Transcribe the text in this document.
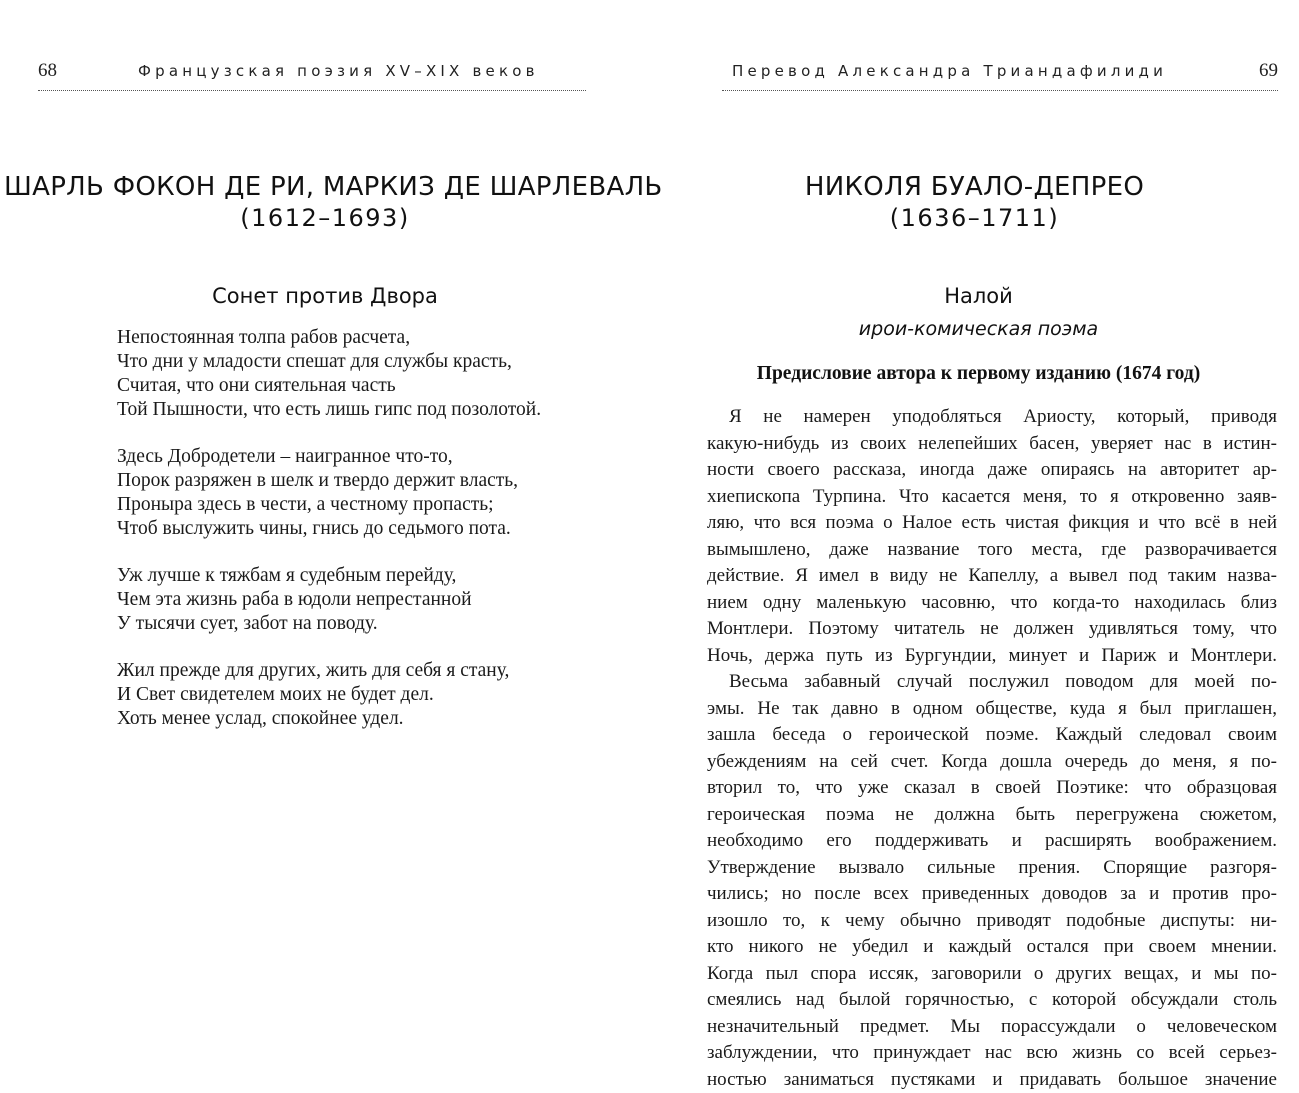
68	Французская поэзия XV–XIX веков
ШАРЛЬ ФОКОН ДЕ РИ, МАРКИЗ ДЕ ШАРЛЕВАЛЬ
(1612–1693)
Сонет против Двора
Непостоянная толпа рабов расчета,
Что дни у младости спешат для службы красть,
Считая, что они сиятельная часть
Той Пышности, что есть лишь гипс под позолотой.
Здесь Добродетели – наигранное что-то,
Порок разряжен в шелк и твердо держит власть,
Проныра здесь в чести, а честному пропасть;
Чтоб выслужить чины, гнись до седьмого пота.
Уж лучше к тяжбам я судебным перейду,
Чем эта жизнь раба в юдоли непрестанной
У тысячи сует, забот на поводу.
Жил прежде для других, жить для себя я стану,
И Свет свидетелем моих не будет дел.
Хоть менее услад, спокойнее удел.
Перевод Александра Триандафилиди	69
НИКОЛЯ БУАЛО-ДЕПРЕО
(1636–1711)
Налой
ирои-комическая поэма
Предисловие автора к первому изданию (1674 год)
Я не намерен уподобляться Ариосту, который, приводя
какую-нибудь из своих нелепейших басен, уверяет нас в истин-
ности своего рассказа, иногда даже опираясь на авторитет ар-
хиепископа Турпина. Что касается меня, то я откровенно заяв-
ляю, что вся поэма о Налое есть чистая фикция и что всё в ней
вымышлено, даже название того места, где разворачивается
действие. Я имел в виду не Капеллу, а вывел под таким назва-
нием одну маленькую часовню, что когда-то находилась близ
Монтлери. Поэтому читатель не должен удивляться тому, что
Ночь, держа путь из Бургундии, минует и Париж и Монтлери.
Весьма забавный случай послужил поводом для моей по-
эмы. Не так давно в одном обществе, куда я был приглашен,
зашла беседа о героической поэме. Каждый следовал своим
убеждениям на сей счет. Когда дошла очередь до меня, я по-
вторил то, что уже сказал в своей Поэтике: что образцовая
героическая поэма не должна быть перегружена сюжетом,
необходимо его поддерживать и расширять воображением.
Утверждение вызвало сильные прения. Спорящие разгоря-
чились; но после всех приведенных доводов за и против про-
изошло то, к чему обычно приводят подобные диспуты: ни-
кто никого не убедил и каждый остался при своем мнении.
Когда пыл спора иссяк, заговорили о других вещах, и мы по-
смеялись над былой горячностью, с которой обсуждали столь
незначительный предмет. Мы порассуждали о человеческом
заблуждении, что принуждает нас всю жизнь со всей серьез-
ностью заниматься пустяками и придавать большое значение
